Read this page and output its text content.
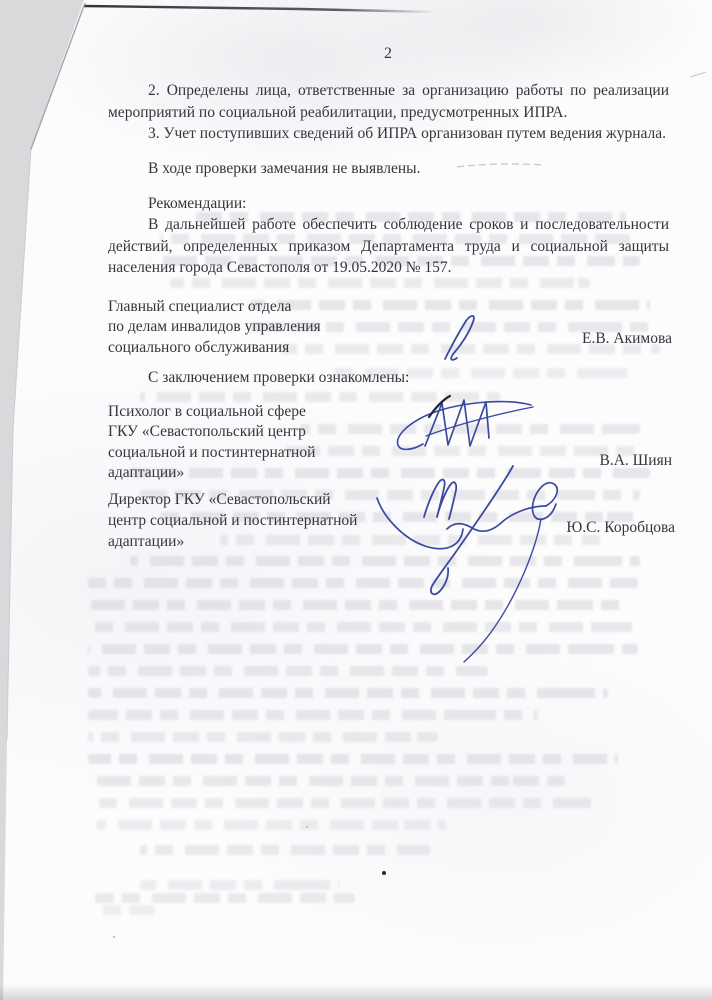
2
2. Определены лица, ответственные за организацию работы по реализации
мероприятий по социальной реабилитации, предусмотренных ИПРА.
3. Учет поступивших сведений об ИПРА организован путем ведения журнала.
В ходе проверки замечания не выявлены.
Рекомендации:
В дальнейшей работе обеспечить соблюдение сроков и последовательности
действий, определенных приказом Департамента труда и социальной защиты
населения города Севастополя от 19.05.2020 № 157.
Главный специалист отдела
по делам инвалидов управления
социального обслуживания
Е.В. Акимова
С заключением проверки ознакомлены:
Психолог в социальной сфере
ГКУ «Севастопольский центр
социальной и постинтернатной
адаптации»
В.А. Шиян
Директор ГКУ «Севастопольский
центр социальной и постинтернатной
адаптации»
Ю.С. Коробцова
